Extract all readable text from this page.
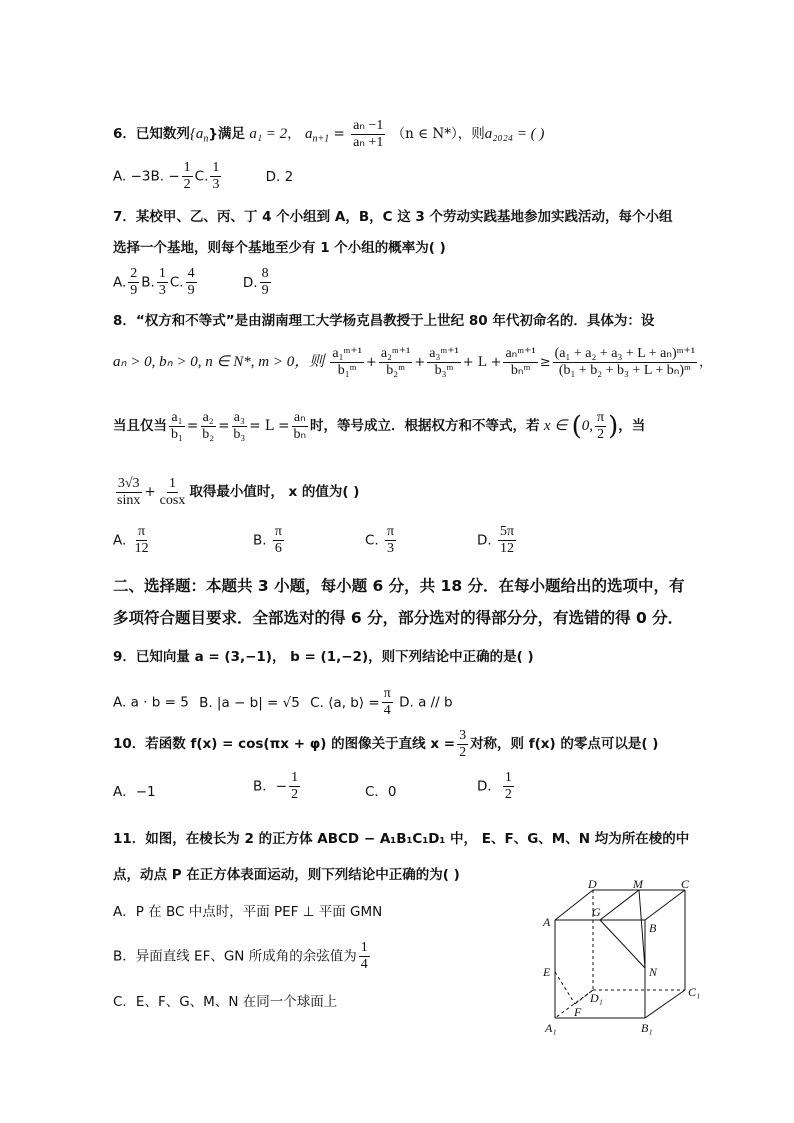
6．已知数列$\{a_n\}$满足 a₁ = 2， $a_{n+1} = \frac{\text{aₙ −1}}{\text{aₙ +1}} (n$ ∈ N*），则a₂₀₂₄ = ( )
A. −3B. − $\frac{1}{2} C$. $\frac{1}{3}$	D. 2
7．某校甲、乙、丙、丁 4 个小组到 A，B，C 这 3 个劳动实践基地参加实践活动，每个小组
选择一个基地，则每个基地至少有 1 个小组的概率为( )
A. $\frac{2}{9} B$. $\frac{1}{3} C$. $\frac{4}{9}$	D. $\frac{8}{9}$
8．“权方和不等式”是由湖南理工大学杨克昌教授于上世纪 80 年代初命名的．具体为：设
aₙ > 0, bₙ > 0, n ∈ N*, m > 0，则 $\frac{\text{a₁ᵐ⁺¹}}{\text{b₁ᵐ}} + \frac{\text{a₂ᵐ⁺¹}}{\text{b₂ᵐ}} + \frac{\text{a₃ᵐ⁺¹}}{\text{b₃ᵐ}} + L + \frac{\text{aₙᵐ⁺¹}}{\text{bₙᵐ}} \ge \frac{\text{(a₁ + a₂ + a₃ + L + aₙ)ᵐ⁺¹}}{\text{(b₁ + b₂ + b₃ + L + bₙ)ᵐ}}$ ，
当且仅当 $\frac{\text{a₁}}{\text{b₁}} = \frac{\text{a₂}}{\text{b₂}} = \frac{\text{a₃}}{\text{b₃}} = L = \frac{\text{aₙ}}{\text{bₙ}}$ 时，等号成立．根据权方和不等式，若 x ∈ (0, $\frac{\pi}{2}$ )，当
$\frac{3√3}{\sin x} + \frac{1}{\cos x}$ 取得最小值时， x 的值为( )
A. $\frac{\pi}{12}$	B. $\frac{\pi}{6}$	C. $\frac{\pi}{3}$	D. $\frac{5\pi}{12}$
二、选择题：本题共 3 小题，每小题 6 分，共 18 分．在每小题给出的选项中，有
多项符合题目要求．全部选对的得 6 分，部分选对的得部分分，有选错的得 0 分．
9．已知向量 a = (3,−1)， b = (1,−2)，则下列结论中正确的是( )
A. a · b = 5 B. |a − b| = √5 C. ⟨a, b⟩ = $\frac{\pi}{4} D$. a // b
10．若函数 f(x) = cos(πx + φ) 的图像关于直线 $x = \frac{3}{2}$ 对称，则 f(x) 的零点可以是( )
A．−1	B．− $\frac{1}{2}$	C．0	D． $\frac{1}{2}$
11．如图，在棱长为 2 的正方体 ABCD − A₁B₁C₁D₁ 中， E、F、G、M、N 均为所在棱的中
点，动点 P 在正方体表面运动，则下列结论中正确的为( )
A．P 在 BC 中点时，平面 PEF ⊥ 平面 GMN
B．异面直线 EF、GN 所成角的余弦值为 $\frac{1}{4}$
C．E、F、G、M、N 在同一个球面上
D	M	C
A
G
B
E	N
D₁	C₁
F
A₁	B₁
